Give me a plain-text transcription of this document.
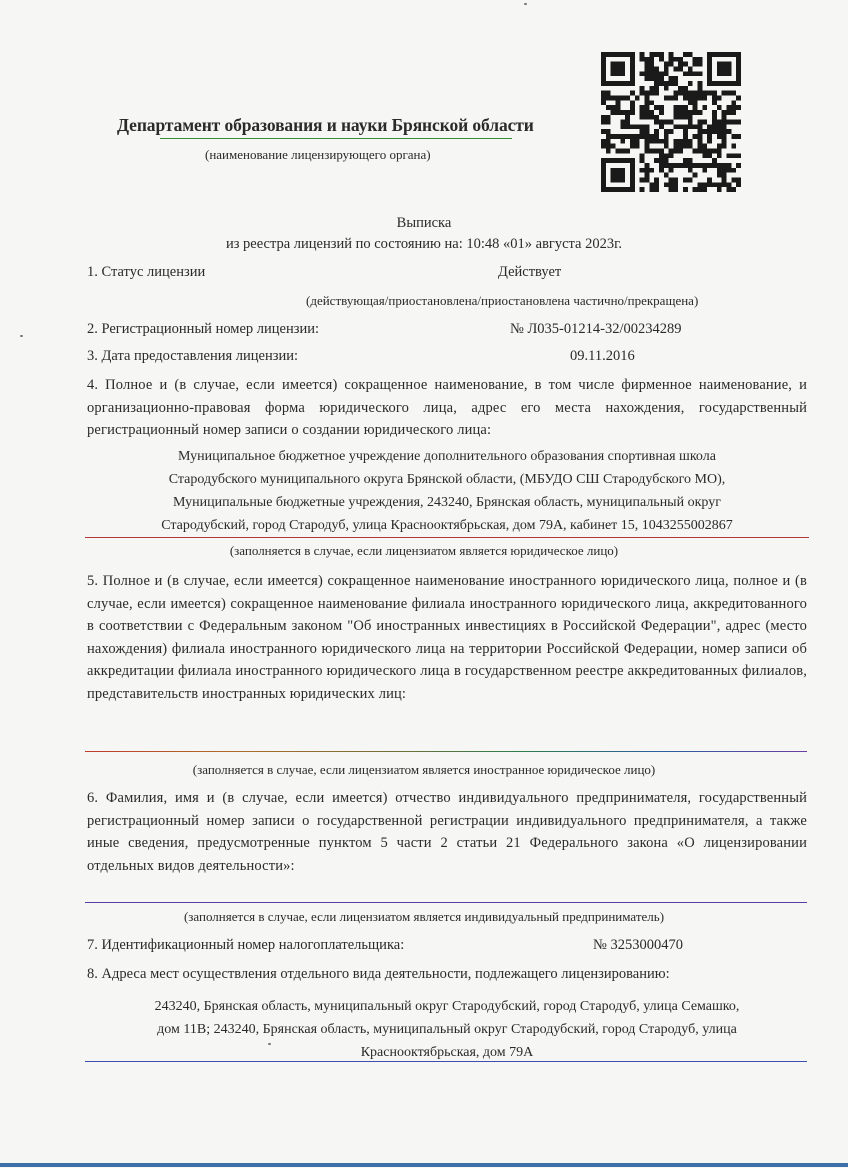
Департамент образования и науки Брянской области
(наименование лицензирующего органа)
Выписка
из реестра лицензий по состоянию на: 10:48 «01» августа 2023г.
1. Статус лицензии	Действует
(действующая/приостановлена/приостановлена частично/прекращена)
2. Регистрационный номер лицензии:	№ Л035-01214-32/00234289
3. Дата предоставления лицензии:	09.11.2016
4. Полное и (в случае, если имеется) сокращенное наименование, в том числе фирменное наименование, и организационно-правовая форма юридического лица, адрес его места нахождения, государственный регистрационный номер записи о создании юридического лица:
Муниципальное бюджетное учреждение дополнительного образования спортивная школа
Стародубского муниципального округа Брянской области, (МБУДО СШ Стародубского МО),
Муниципальные бюджетные учреждения, 243240, Брянская область, муниципальный округ
Стародубский, город Стародуб, улица Краснооктябрьская, дом 79А, кабинет 15, 1043255002867
(заполняется в случае, если лицензиатом является юридическое лицо)
5. Полное и (в случае, если имеется) сокращенное наименование иностранного юридического лица, полное и (в случае, если имеется) сокращенное наименование филиала иностранного юридического лица, аккредитованного в соответствии с Федеральным законом "Об иностранных инвестициях в Российской Федерации", адрес (место нахождения) филиала иностранного юридического лица на территории Российской Федерации, номер записи об аккредитации филиала иностранного юридического лица в государственном реестре аккредитованных филиалов, представительств иностранных юридических лиц:
(заполняется в случае, если лицензиатом является иностранное юридическое лицо)
6. Фамилия, имя и (в случае, если имеется) отчество индивидуального предпринимателя, государственный регистрационный номер записи о государственной регистрации индивидуального предпринимателя, а также иные сведения, предусмотренные пунктом 5 части 2 статьи 21 Федерального закона «О лицензировании отдельных видов деятельности»:
(заполняется в случае, если лицензиатом является индивидуальный предприниматель)
7. Идентификационный номер налогоплательщика:	№ 3253000470
8. Адреса мест осуществления отдельного вида деятельности, подлежащего лицензированию:
243240, Брянская область, муниципальный округ Стародубский, город Стародуб, улица Семашко,
дом 11В; 243240, Брянская область, муниципальный округ Стародубский, город Стародуб, улица
Краснооктябрьская, дом 79А
